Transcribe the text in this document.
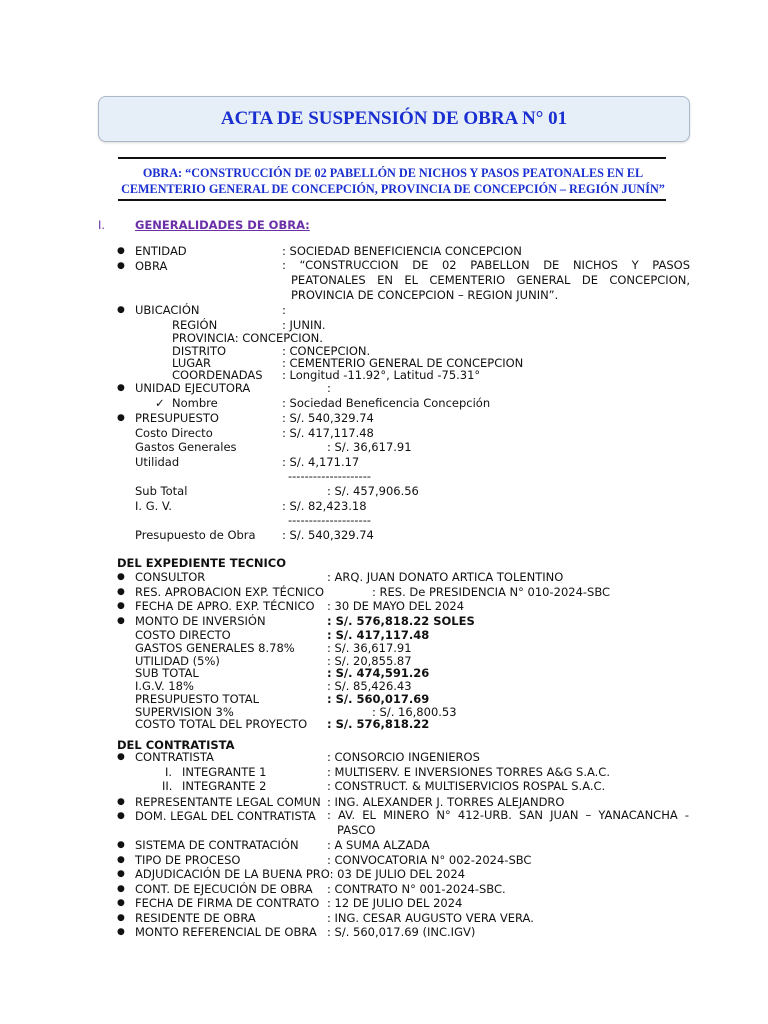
ACTA DE SUSPENSIÓN DE OBRA N° 01
OBRA: “CONSTRUCCIÓN DE 02 PABELLÓN DE NICHOS Y PASOS PEATONALES EN EL
CEMENTERIO GENERAL DE CONCEPCIÓN, PROVINCIA DE CONCEPCIÓN – REGIÓN JUNÍN”
I.	GENERALIDADES DE OBRA:
● ENTIDAD	: SOCIEDAD BENEFICIENCIA CONCEPCION
● OBRA	: “CONSTRUCCION DE 02 PABELLON DE NICHOS Y PASOS
PEATONALES EN EL CEMENTERIO GENERAL DE CONCEPCION,
PROVINCIA DE CONCEPCION – REGION JUNIN”.
● UBICACIÓN	:
REGIÓN	: JUNIN.
PROVINCIA: CONCEPCION.
DISTRITO	: CONCEPCION.
LUGAR	: CEMENTERIO GENERAL DE CONCEPCION
COORDENADAS : Longitud -11.92°, Latitud -75.31°
● UNIDAD EJECUTORA	:
✓ Nombre	: Sociedad Beneficencia Concepción
● PRESUPUESTO	: S/. 540,329.74
Costo Directo	: S/. 417,117.48
Gastos Generales	: S/. 36,617.91
Utilidad	: S/. 4,171.17
--------------------
Sub Total	: S/. 457,906.56
I. G. V.	: S/. 82,423.18
--------------------
Presupuesto de Obra : S/. 540,329.74
DEL EXPEDIENTE TECNICO
● CONSULTOR	: ARQ. JUAN DONATO ARTICA TOLENTINO
● RES. APROBACION EXP. TÉCNICO	: RES. De PRESIDENCIA N° 010-2024-SBC
● FECHA DE APRO. EXP. TÉCNICO : 30 DE MAYO DEL 2024
● MONTO DE INVERSIÓN	: S/. 576,818.22 SOLES
COSTO DIRECTO	: S/. 417,117.48
GASTOS GENERALES 8.78%	: S/. 36,617.91
UTILIDAD (5%)	: S/. 20,855.87
SUB TOTAL	: S/. 474,591.26
I.G.V. 18%	: S/. 85,426.43
PRESUPUESTO TOTAL	: S/. 560,017.69
SUPERVISION 3%	: S/. 16,800.53
COSTO TOTAL DEL PROYECTO : S/. 576,818.22
DEL CONTRATISTA
● CONTRATISTA	: CONSORCIO INGENIEROS
I. INTEGRANTE 1	: MULTISERV. E INVERSIONES TORRES A&G S.A.C.
II. INTEGRANTE 2	: CONSTRUCT. & MULTISERVICIOS ROSPAL S.A.C.
● REPRESENTANTE LEGAL COMUN : ING. ALEXANDER J. TORRES ALEJANDRO
● DOM. LEGAL DEL CONTRATISTA : AV. EL MINERO N° 412-URB. SAN JUAN – YANACANCHA -
PASCO
● SISTEMA DE CONTRATACIÓN : A SUMA ALZADA
● TIPO DE PROCESO	: CONVOCATORIA N° 002-2024-SBC
● ADJUDICACIÓN DE LA BUENA PRO: 03 DE JULIO DEL 2024
● CONT. DE EJECUCIÓN DE OBRA : CONTRATO N° 001-2024-SBC.
● FECHA DE FIRMA DE CONTRATO : 12 DE JULIO DEL 2024
● RESIDENTE DE OBRA	: ING. CESAR AUGUSTO VERA VERA.
● MONTO REFERENCIAL DE OBRA : S/. 560,017.69 (INC.IGV)
